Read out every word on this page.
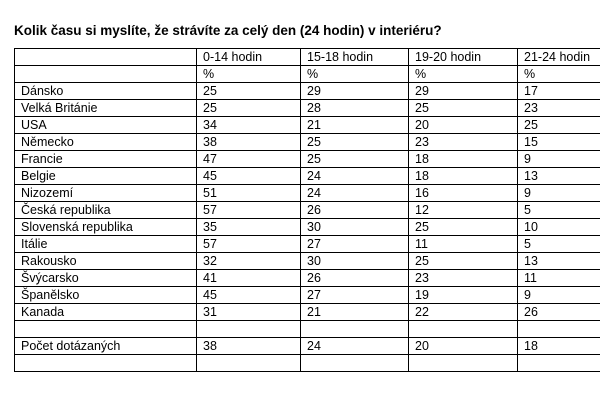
Kolik času si myslíte, že strávíte za celý den (24 hodin) v interiéru?
	0-14 hodin	15-18 hodin	19-20 hodin	21-24 hodin
	%	%	%	%
Dánsko	25	29	29	17
Velká Británie	25	28	25	23
USA	34	21	20	25
Německo	38	25	23	15
Francie	47	25	18	9
Belgie	45	24	18	13
Nizozemí	51	24	16	9
Česká republika	57	26	12	5
Slovenská republika	35	30	25	10
Itálie	57	27	11	5
Rakousko	32	30	25	13
Švýcarsko	41	26	23	11
Španělsko	45	27	19	9
Kanada	31	21	22	26

Počet dotázaných	38	24	20	18
